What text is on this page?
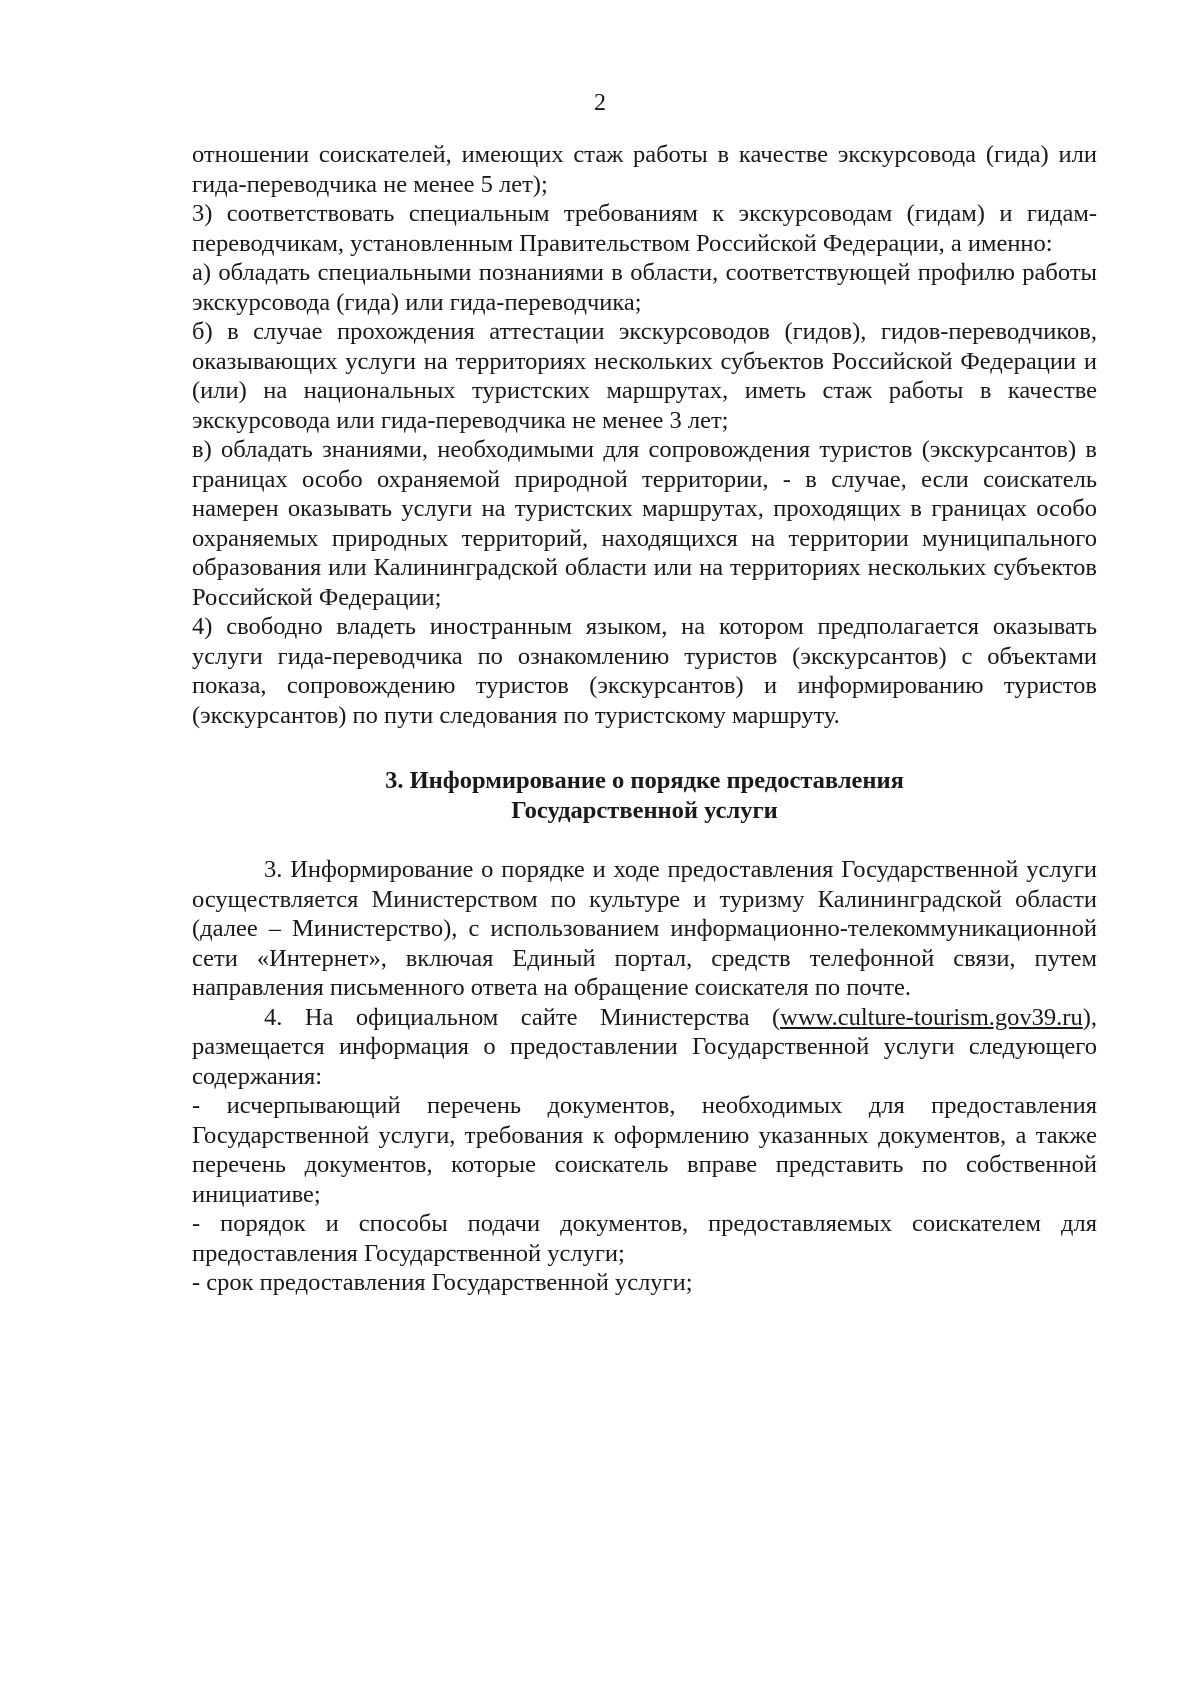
2

отношении соискателей, имеющих стаж работы в качестве экскурсовода (гида) или гида-переводчика не менее 5 лет);

3) соответствовать специальным требованиям к экскурсоводам (гидам) и гидам-переводчикам, установленным Правительством Российской Федерации, а именно:

а) обладать специальными познаниями в области, соответствующей профилю работы экскурсовода (гида) или гида-переводчика;

б) в случае прохождения аттестации экскурсоводов (гидов), гидов-переводчиков, оказывающих услуги на территориях нескольких субъектов Российской Федерации и (или) на национальных туристских маршрутах, иметь стаж работы в качестве экскурсовода или гида-переводчика не менее 3 лет;

в) обладать знаниями, необходимыми для сопровождения туристов (экскурсантов) в границах особо охраняемой природной территории, - в случае, если соискатель намерен оказывать услуги на туристских маршрутах, проходящих в границах особо охраняемых природных территорий, находящихся на территории муниципального образования или Калининградской области или на территориях нескольких субъектов Российской Федерации;

4) свободно владеть иностранным языком, на котором предполагается оказывать услуги гида-переводчика по ознакомлению туристов (экскурсантов) с объектами показа, сопровождению туристов (экскурсантов) и информированию туристов (экскурсантов) по пути следования по туристскому маршруту.

3. Информирование о порядке предоставления
Государственной услуги

3. Информирование о порядке и ходе предоставления Государственной услуги осуществляется Министерством по культуре и туризму Калининградской области (далее – Министерство), с использованием информационно-телекоммуникационной сети «Интернет», включая Единый портал, средств телефонной связи, путем направления письменного ответа на обращение соискателя по почте.

4. На официальном сайте Министерства (www.culture-tourism.gov39.ru), размещается информация о предоставлении Государственной услуги следующего содержания:

- исчерпывающий перечень документов, необходимых для предоставления Государственной услуги, требования к оформлению указанных документов, а также перечень документов, которые соискатель вправе представить по собственной инициативе;

- порядок и способы подачи документов, предоставляемых соискателем для предоставления Государственной услуги;

- срок предоставления Государственной услуги;
